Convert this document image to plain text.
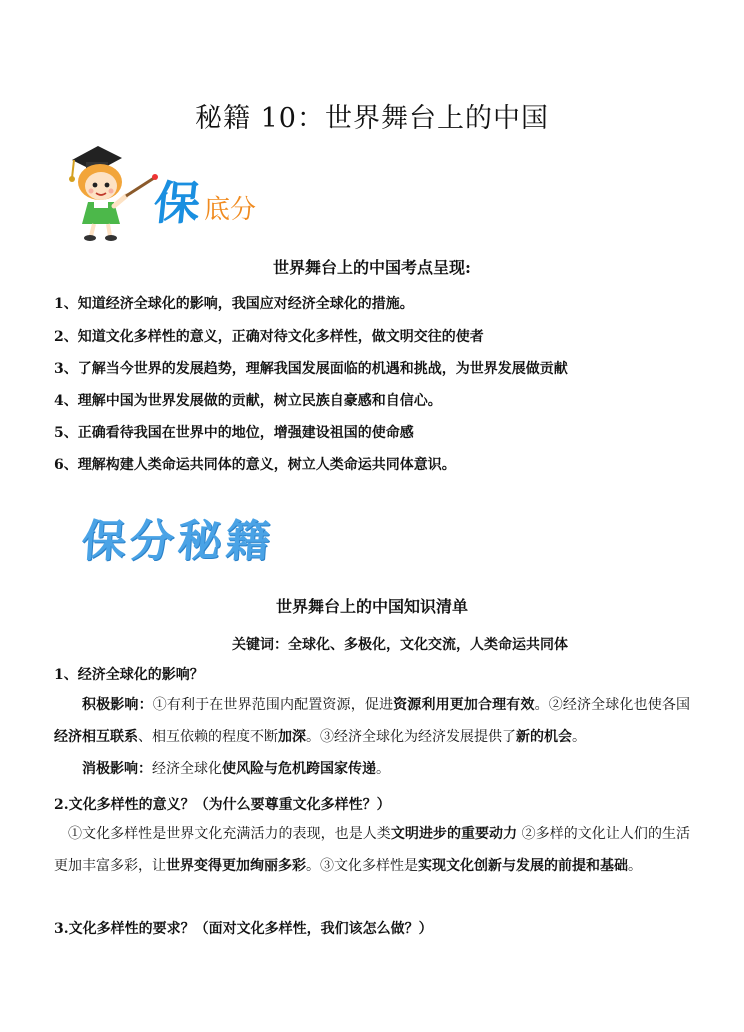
秘籍 10：世界舞台上的中国
保 底分
世界舞台上的中国考点呈现:
1、知道经济全球化的影响，我国应对经济全球化的措施。
2、知道文化多样性的意义，正确对待文化多样性，做文明交往的使者
3、了解当今世界的发展趋势，理解我国发展面临的机遇和挑战，为世界发展做贡献
4、理解中国为世界发展做的贡献，树立民族自豪感和自信心。
5、正确看待我国在世界中的地位，增强建设祖国的使命感
6、理解构建人类命运共同体的意义，树立人类命运共同体意识。
保分秘籍
世界舞台上的中国知识清单
关键词：全球化、多极化，文化交流，人类命运共同体
1、经济全球化的影响？
积极影响：①有利于在世界范围内配置资源，促进资源利用更加合理有效。②经济全球化也使各国经济相互联系、相互依赖的程度不断加深。③经济全球化为经济发展提供了新的机会。
消极影响：经济全球化使风险与危机跨国家传递。
2.文化多样性的意义？（为什么要尊重文化多样性？）
①文化多样性是世界文化充满活力的表现，也是人类文明进步的重要动力 ②多样的文化让人们的生活更加丰富多彩，让世界变得更加绚丽多彩。③文化多样性是实现文化创新与发展的前提和基础。
3.文化多样性的要求？（面对文化多样性，我们该怎么做？）
